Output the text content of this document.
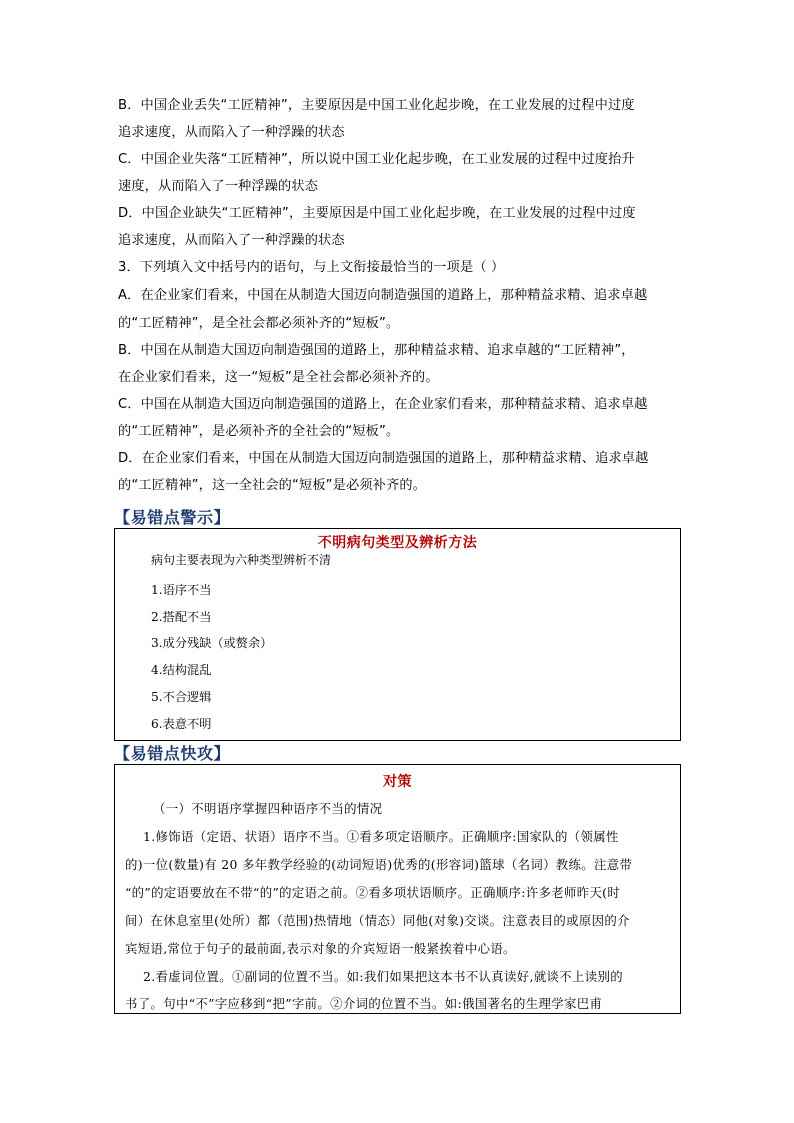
B．中国企业丢失“工匠精神”，主要原因是中国工业化起步晚，在工业发展的过程中过度
追求速度，从而陷入了一种浮躁的状态
C．中国企业失落“工匠精神”，所以说中国工业化起步晚，在工业发展的过程中过度抬升
速度，从而陷入了一种浮躁的状态
D．中国企业缺失“工匠精神”，主要原因是中国工业化起步晚，在工业发展的过程中过度
追求速度，从而陷入了一种浮躁的状态
3．下列填入文中括号内的语句，与上文衔接最恰当的一项是（ ）
A．在企业家们看来，中国在从制造大国迈向制造强国的道路上，那种精益求精、追求卓越
的“工匠精神”，是全社会都必须补齐的“短板”。
B．中国在从制造大国迈向制造强国的道路上，那种精益求精、追求卓越的“工匠精神”，
在企业家们看来，这一“短板”是全社会都必须补齐的。
C．中国在从制造大国迈向制造强国的道路上，在企业家们看来，那种精益求精、追求卓越
的“工匠精神”，是必须补齐的全社会的“短板”。
D．在企业家们看来，中国在从制造大国迈向制造强国的道路上，那种精益求精、追求卓越
的“工匠精神”，这一全社会的“短板”是必须补齐的。
【易错点警示】
不明病句类型及辨析方法
病句主要表现为六种类型辨析不清
1.语序不当
2.搭配不当
3.成分残缺（或赘余）
4.结构混乱
5.不合逻辑
6.表意不明
【易错点快攻】
对策
（一）不明语序掌握四种语序不当的情况
1.修饰语（定语、状语）语序不当。①看多项定语顺序。正确顺序:国家队的（领属性
的)一位(数量)有 20 多年教学经验的(动词短语)优秀的(形容词)篮球（名词）教练。注意带
“的”的定语要放在不带“的”的定语之前。②看多项状语顺序。正确顺序:许多老师昨天(时
间）在休息室里(处所）都（范围)热情地（情态）同他(对象)交谈。注意表目的或原因的介
宾短语,常位于句子的最前面,表示对象的介宾短语一般紧挨着中心语。
2.看虚词位置。①副词的位置不当。如:我们如果把这本书不认真读好,就谈不上读别的
书了。句中“不”字应移到“把”字前。②介词的位置不当。如:俄国著名的生理学家巴甫
